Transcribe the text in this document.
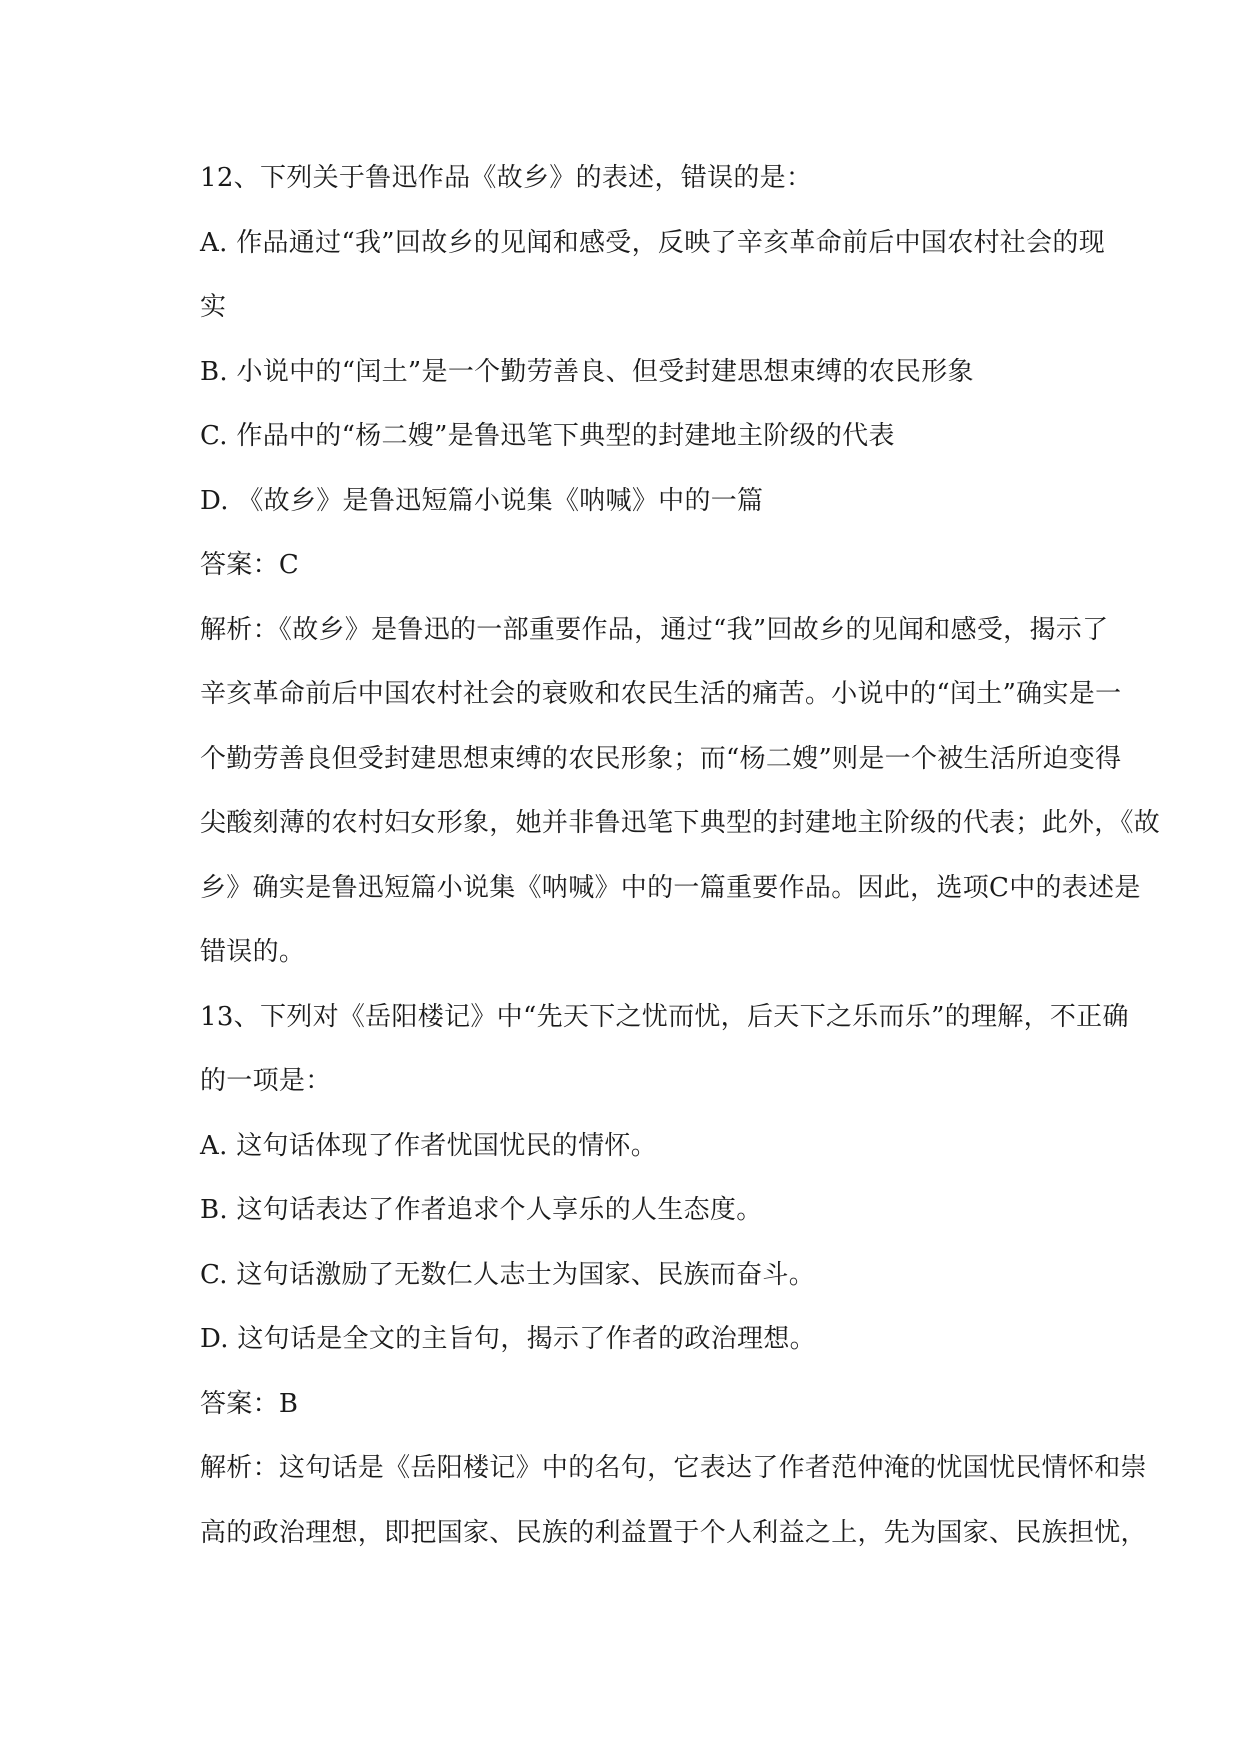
12、下列关于鲁迅作品《故乡》的表述，错误的是：
A. 作品通过“我”回故乡的见闻和感受，反映了辛亥革命前后中国农村社会的现
实
B. 小说中的“闰土”是一个勤劳善良、但受封建思想束缚的农民形象
C. 作品中的“杨二嫂”是鲁迅笔下典型的封建地主阶级的代表
D. 《故乡》是鲁迅短篇小说集《呐喊》中的一篇
答案：C
解析：《故乡》是鲁迅的一部重要作品，通过“我”回故乡的见闻和感受，揭示了
辛亥革命前后中国农村社会的衰败和农民生活的痛苦。小说中的“闰土”确实是一
个勤劳善良但受封建思想束缚的农民形象；而“杨二嫂”则是一个被生活所迫变得
尖酸刻薄的农村妇女形象，她并非鲁迅笔下典型的封建地主阶级的代表；此外，《故
乡》确实是鲁迅短篇小说集《呐喊》中的一篇重要作品。因此，选项C中的表述是
错误的。
13、下列对《岳阳楼记》中“先天下之忧而忧，后天下之乐而乐”的理解，不正确
的一项是：
A. 这句话体现了作者忧国忧民的情怀。
B. 这句话表达了作者追求个人享乐的人生态度。
C. 这句话激励了无数仁人志士为国家、民族而奋斗。
D. 这句话是全文的主旨句，揭示了作者的政治理想。
答案：B
解析：这句话是《岳阳楼记》中的名句，它表达了作者范仲淹的忧国忧民情怀和崇
高的政治理想，即把国家、民族的利益置于个人利益之上，先为国家、民族担忧，
